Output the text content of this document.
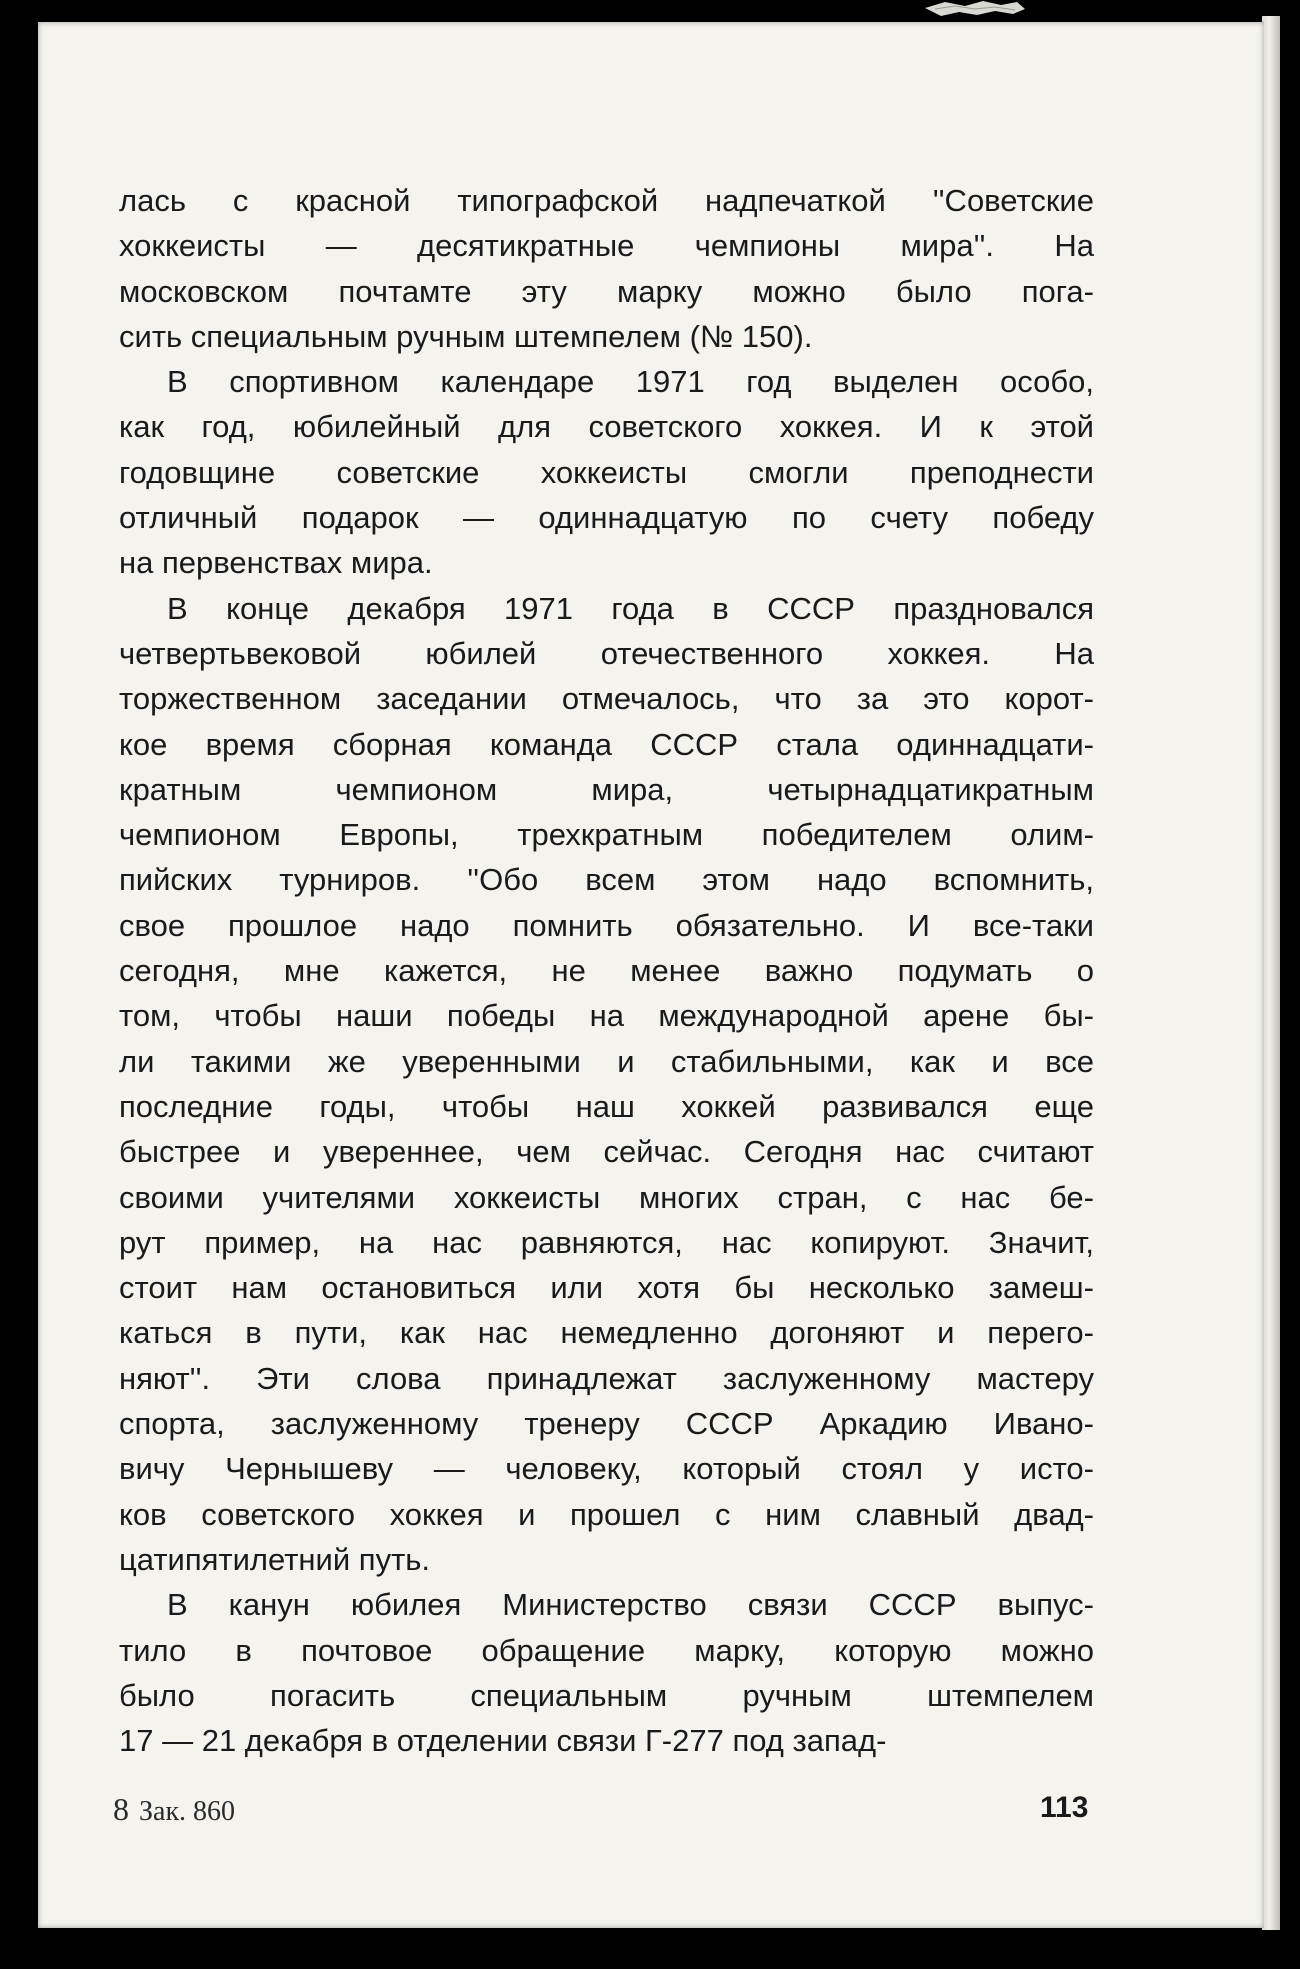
лась с красной типографской надпечаткой ''Советские
хоккеисты — десятикратные чемпионы мира''. На
московском почтамте эту марку можно было пога-
сить специальным ручным штемпелем (№ 150).
В спортивном календаре 1971 год выделен особо,
как год, юбилейный для советского хоккея. И к этой
годовщине советские хоккеисты смогли преподнести
отличный подарок — одиннадцатую по счету победу
на первенствах мира.
В конце декабря 1971 года в СССР праздновался
четвертьвековой юбилей отечественного хоккея. На
торжественном заседании отмечалось, что за это корот-
кое время сборная команда СССР стала одиннадцати-
кратным чемпионом мира, четырнадцатикратным
чемпионом Европы, трехкратным победителем олим-
пийских турниров. ''Обо всем этом надо вспомнить,
свое прошлое надо помнить обязательно. И все-таки
сегодня, мне кажется, не менее важно подумать о
том, чтобы наши победы на международной арене бы-
ли такими же уверенными и стабильными, как и все
последние годы, чтобы наш хоккей развивался еще
быстрее и увереннее, чем сейчас. Сегодня нас считают
своими учителями хоккеисты многих стран, с нас бе-
рут пример, на нас равняются, нас копируют. Значит,
стоит нам остановиться или хотя бы несколько замеш-
каться в пути, как нас немедленно догоняют и перего-
няют''. Эти слова принадлежат заслуженному мастеру
спорта, заслуженному тренеру СССР Аркадию Ивано-
вичу Чернышеву — человеку, который стоял у исто-
ков советского хоккея и прошел с ним славный двад-
цатипятилетний путь.
В канун юбилея Министерство связи СССР выпус-
тило в почтовое обращение марку, которую можно
было погасить специальным ручным штемпелем
17 — 21 декабря в отделении связи Г-277 под запад-
8 Зак. 860	113
